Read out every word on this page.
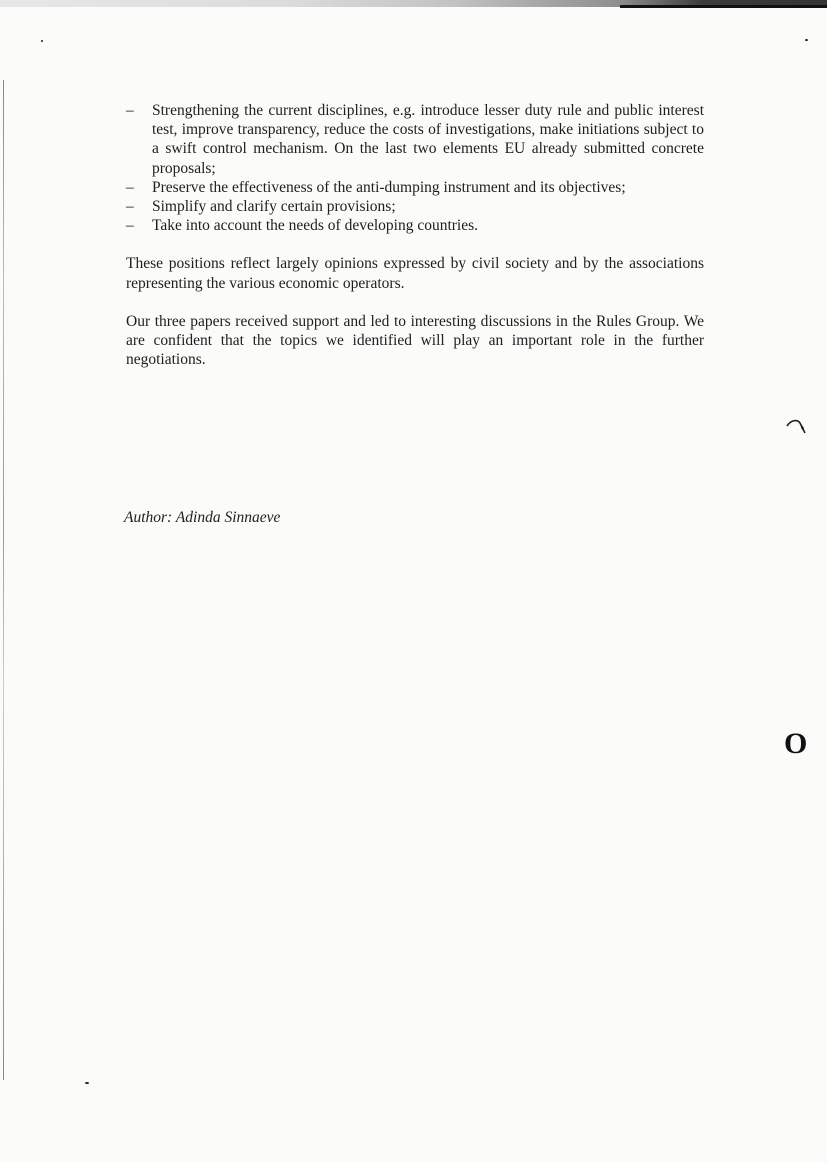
– Strengthening the current disciplines, e.g. introduce lesser duty rule and public interest test, improve transparency, reduce the costs of investigations, make initiations subject to a swift control mechanism. On the last two elements EU already submitted concrete proposals;
– Preserve the effectiveness of the anti-dumping instrument and its objectives;
– Simplify and clarify certain provisions;
– Take into account the needs of developing countries.

These positions reflect largely opinions expressed by civil society and by the associations representing the various economic operators.

Our three papers received support and led to interesting discussions in the Rules Group. We are confident that the topics we identified will play an important role in the further negotiations.

Author: Adinda Sinnaeve
O
